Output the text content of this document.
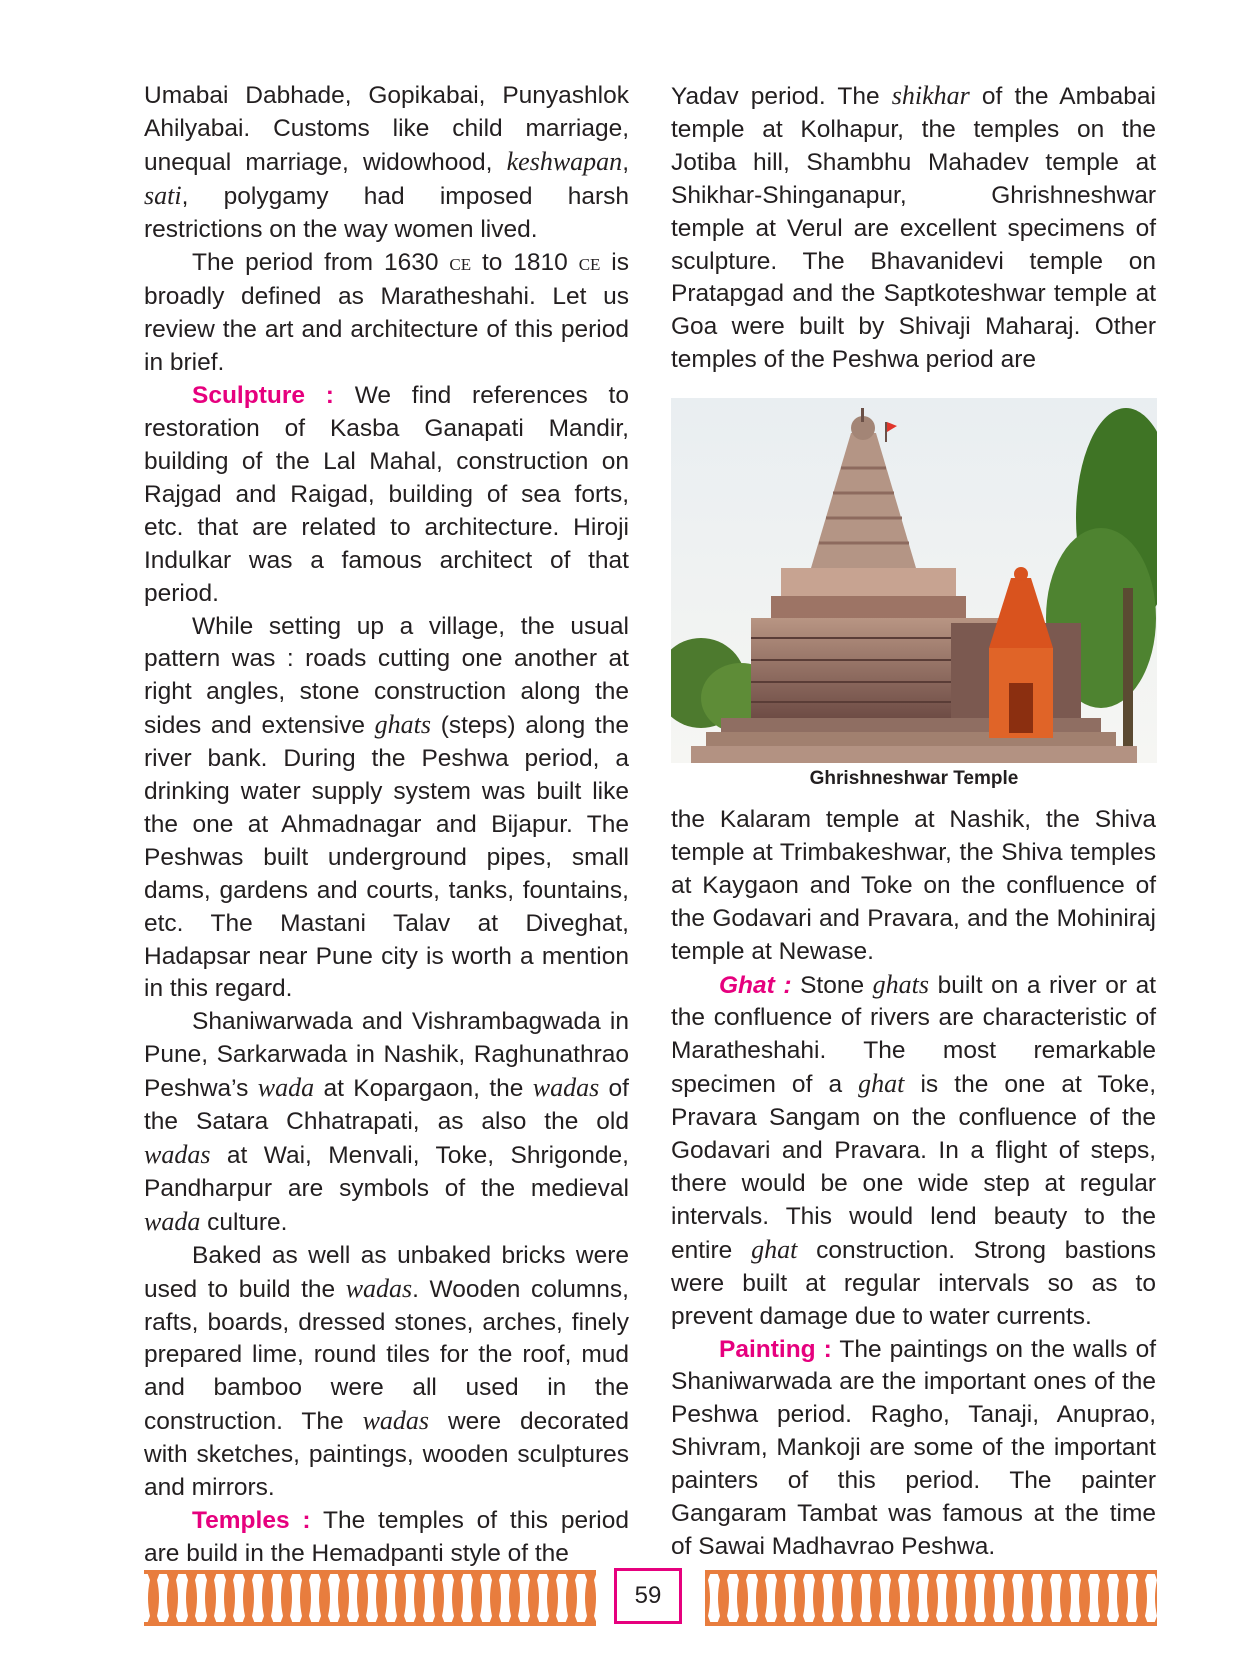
Umabai Dabhade, Gopikabai, Punyashlok Ahilyabai. Customs like child marriage, unequal marriage, widowhood, keshwapan, sati, polygamy had imposed harsh restrictions on the way women lived.

The period from 1630 CE to 1810 CE is broadly defined as Maratheshahi. Let us review the art and architecture of this period in brief.

Sculpture : We find references to restoration of Kasba Ganapati Mandir, building of the Lal Mahal, construction on Rajgad and Raigad, building of sea forts, etc. that are related to architecture. Hiroji Indulkar was a famous architect of that period.

While setting up a village, the usual pattern was : roads cutting one another at right angles, stone construction along the sides and extensive ghats (steps) along the river bank. During the Peshwa period, a drinking water supply system was built like the one at Ahmadnagar and Bijapur. The Peshwas built underground pipes, small dams, gardens and courts, tanks, fountains, etc. The Mastani Talav at Diveghat, Hadapsar near Pune city is worth a mention in this regard.

Shaniwarwada and Vishrambagwada in Pune, Sarkarwada in Nashik, Raghunathrao Peshwa’s wada at Kopargaon, the wadas of the Satara Chhatrapati, as also the old wadas at Wai, Menvali, Toke, Shrigonde, Pandharpur are symbols of the medieval wada culture.

Baked as well as unbaked bricks were used to build the wadas. Wooden columns, rafts, boards, dressed stones, arches, finely prepared lime, round tiles for the roof, mud and bamboo were all used in the construction. The wadas were decorated with sketches, paintings, wooden sculptures and mirrors.

Temples : The temples of this period are build in the Hemadpanti style of the

Yadav period. The shikhar of the Ambabai temple at Kolhapur, the temples on the Jotiba hill, Shambhu Mahadev temple at Shikhar-Shinganapur, Ghrishneshwar temple at Verul are excellent specimens of sculpture. The Bhavanidevi temple on Pratapgad and the Saptkoteshwar temple at Goa were built by Shivaji Maharaj. Other temples of the Peshwa period are

Ghrishneshwar Temple

the Kalaram temple at Nashik, the Shiva temple at Trimbakeshwar, the Shiva temples at Kaygaon and Toke on the confluence of the Godavari and Pravara, and the Mohiniraj temple at Newase.

Ghat : Stone ghats built on a river or at the confluence of rivers are characteristic of Maratheshahi. The most remarkable specimen of a ghat is the one at Toke, Pravara Sangam on the confluence of the Godavari and Pravara. In a flight of steps, there would be one wide step at regular intervals. This would lend beauty to the entire ghat construction. Strong bastions were built at regular intervals so as to prevent damage due to water currents.

Painting : The paintings on the walls of Shaniwarwada are the important ones of the Peshwa period. Ragho, Tanaji, Anuprao, Shivram, Mankoji are some of the important painters of this period. The painter Gangaram Tambat was famous at the time of Sawai Madhavrao Peshwa.

59
